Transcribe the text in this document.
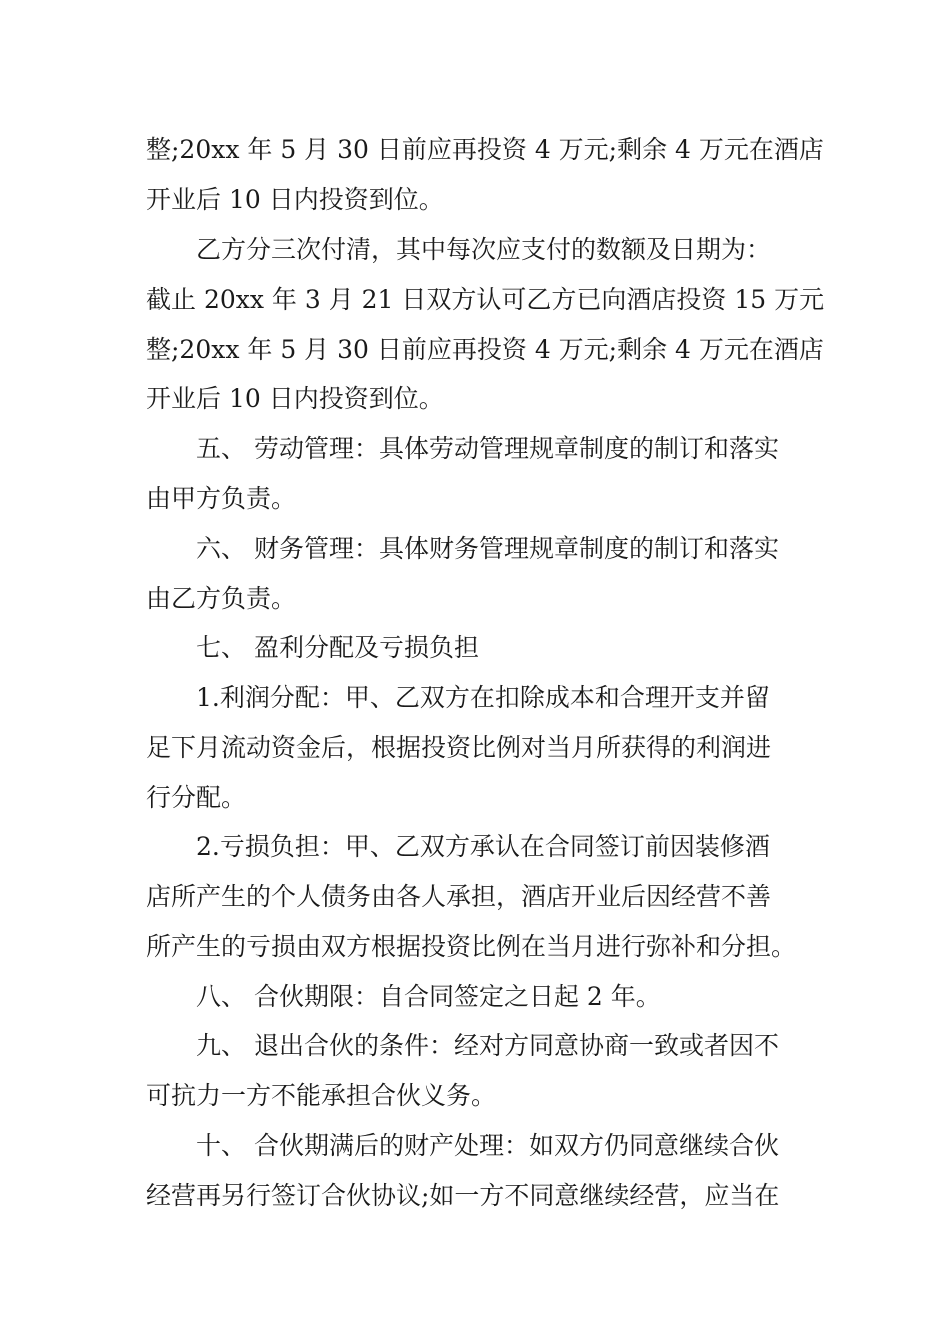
整;20xx 年 5 月 30 日前应再投资 4 万元;剩余 4 万元在酒店
开业后 10 日内投资到位。
乙方分三次付清，其中每次应支付的数额及日期为：
截止 20xx 年 3 月 21 日双方认可乙方已向酒店投资 15 万元
整;20xx 年 5 月 30 日前应再投资 4 万元;剩余 4 万元在酒店
开业后 10 日内投资到位。
五、 劳动管理：具体劳动管理规章制度的制订和落实
由甲方负责。
六、 财务管理：具体财务管理规章制度的制订和落实
由乙方负责。
七、 盈利分配及亏损负担
1.利润分配：甲、乙双方在扣除成本和合理开支并留
足下月流动资金后，根据投资比例对当月所获得的利润进
行分配。
2.亏损负担：甲、乙双方承认在合同签订前因装修酒
店所产生的个人债务由各人承担，酒店开业后因经营不善
所产生的亏损由双方根据投资比例在当月进行弥补和分担。
八、 合伙期限：自合同签定之日起 2 年。
九、 退出合伙的条件：经对方同意协商一致或者因不
可抗力一方不能承担合伙义务。
十、 合伙期满后的财产处理：如双方仍同意继续合伙
经营再另行签订合伙协议;如一方不同意继续经营，应当在
